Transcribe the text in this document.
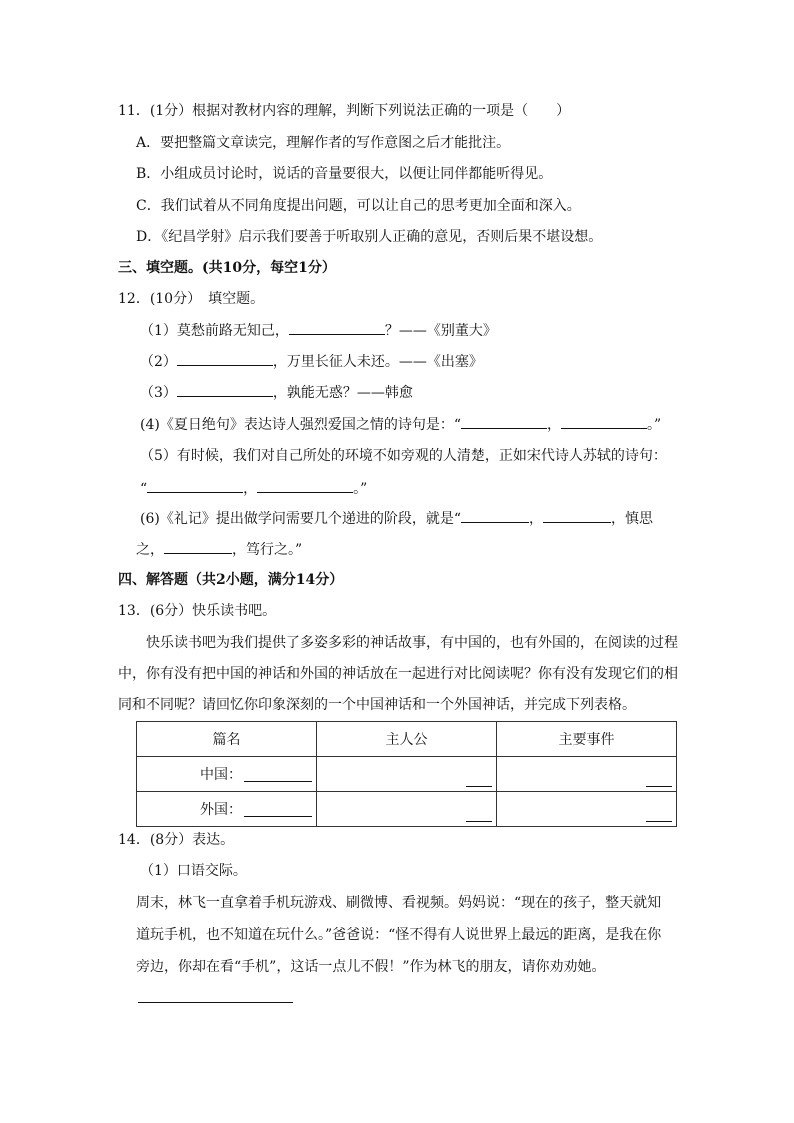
11．(1分）根据对教材内容的理解，判断下列说法正确的一项是（　　）
A．要把整篇文章读完，理解作者的写作意图之后才能批注。
B．小组成员讨论时，说话的音量要很大，以便让同伴都能听得见。
C．我们试着从不同角度提出问题，可以让自己的思考更加全面和深入。
D．《纪昌学射》启示我们要善于听取别人正确的意见，否则后果不堪设想。
三、填空题。(共10分，每空1分）
12．(10分）　填空题。
（1）莫愁前路无知己，	？——《别董大》
（2）	，万里长征人未还。——《出塞》
（3）	，孰能无惑？——韩愈
(4)《夏日绝句》表达诗人强烈爱国之情的诗句是：“	，	。”
（5）有时候，我们对自己所处的环境不如旁观的人清楚，正如宋代诗人苏轼的诗句：
“	，	。”
(6)《礼记》提出做学问需要几个递进的阶段，就是“	，	，慎思
之，	，笃行之。”
四、解答题（共2小题，满分14分）
13．(6分）快乐读书吧。
快乐读书吧为我们提供了多姿多彩的神话故事，有中国的，也有外国的，在阅读的过程
中，你有没有把中国的神话和外国的神话放在一起进行对比阅读呢？你有没有发现它们的相
同和不同呢？请回忆你印象深刻的一个中国神话和一个外国神话，并完成下列表格。
篇名	主人公	主要事件

中国：		

外国：		

14．(8分）表达。
（1）口语交际。
周末，林飞一直拿着手机玩游戏、刷微博、看视频。妈妈说：“现在的孩子，整天就知
道玩手机，也不知道在玩什么。”爸爸说：“怪不得有人说世界上最远的距离，是我在你
旁边，你却在看“手机”，这话一点儿不假！”作为林飞的朋友，请你劝劝她。
